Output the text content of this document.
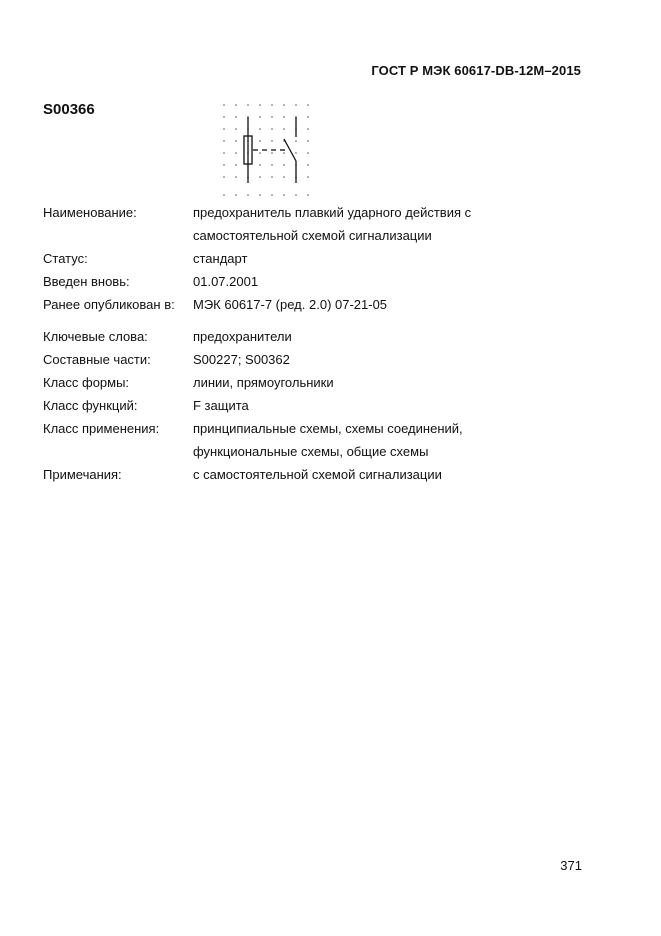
ГОСТ Р МЭК 60617-DB-12M–2015
S00366
Наименование:	предохранитель плавкий ударного действия с
самостоятельной схемой сигнализации
Статус:	стандарт
Введен вновь:	01.07.2001
Ранее опубликован в:	МЭК 60617-7 (ред. 2.0) 07-21-05
Ключевые слова:	предохранители
Составные части:	S00227; S00362
Класс формы:	линии, прямоугольники
Класс функций:	F защита
Класс применения:	принципиальные схемы, схемы соединений,
функциональные схемы, общие схемы
Примечания:	с самостоятельной схемой сигнализации
371
